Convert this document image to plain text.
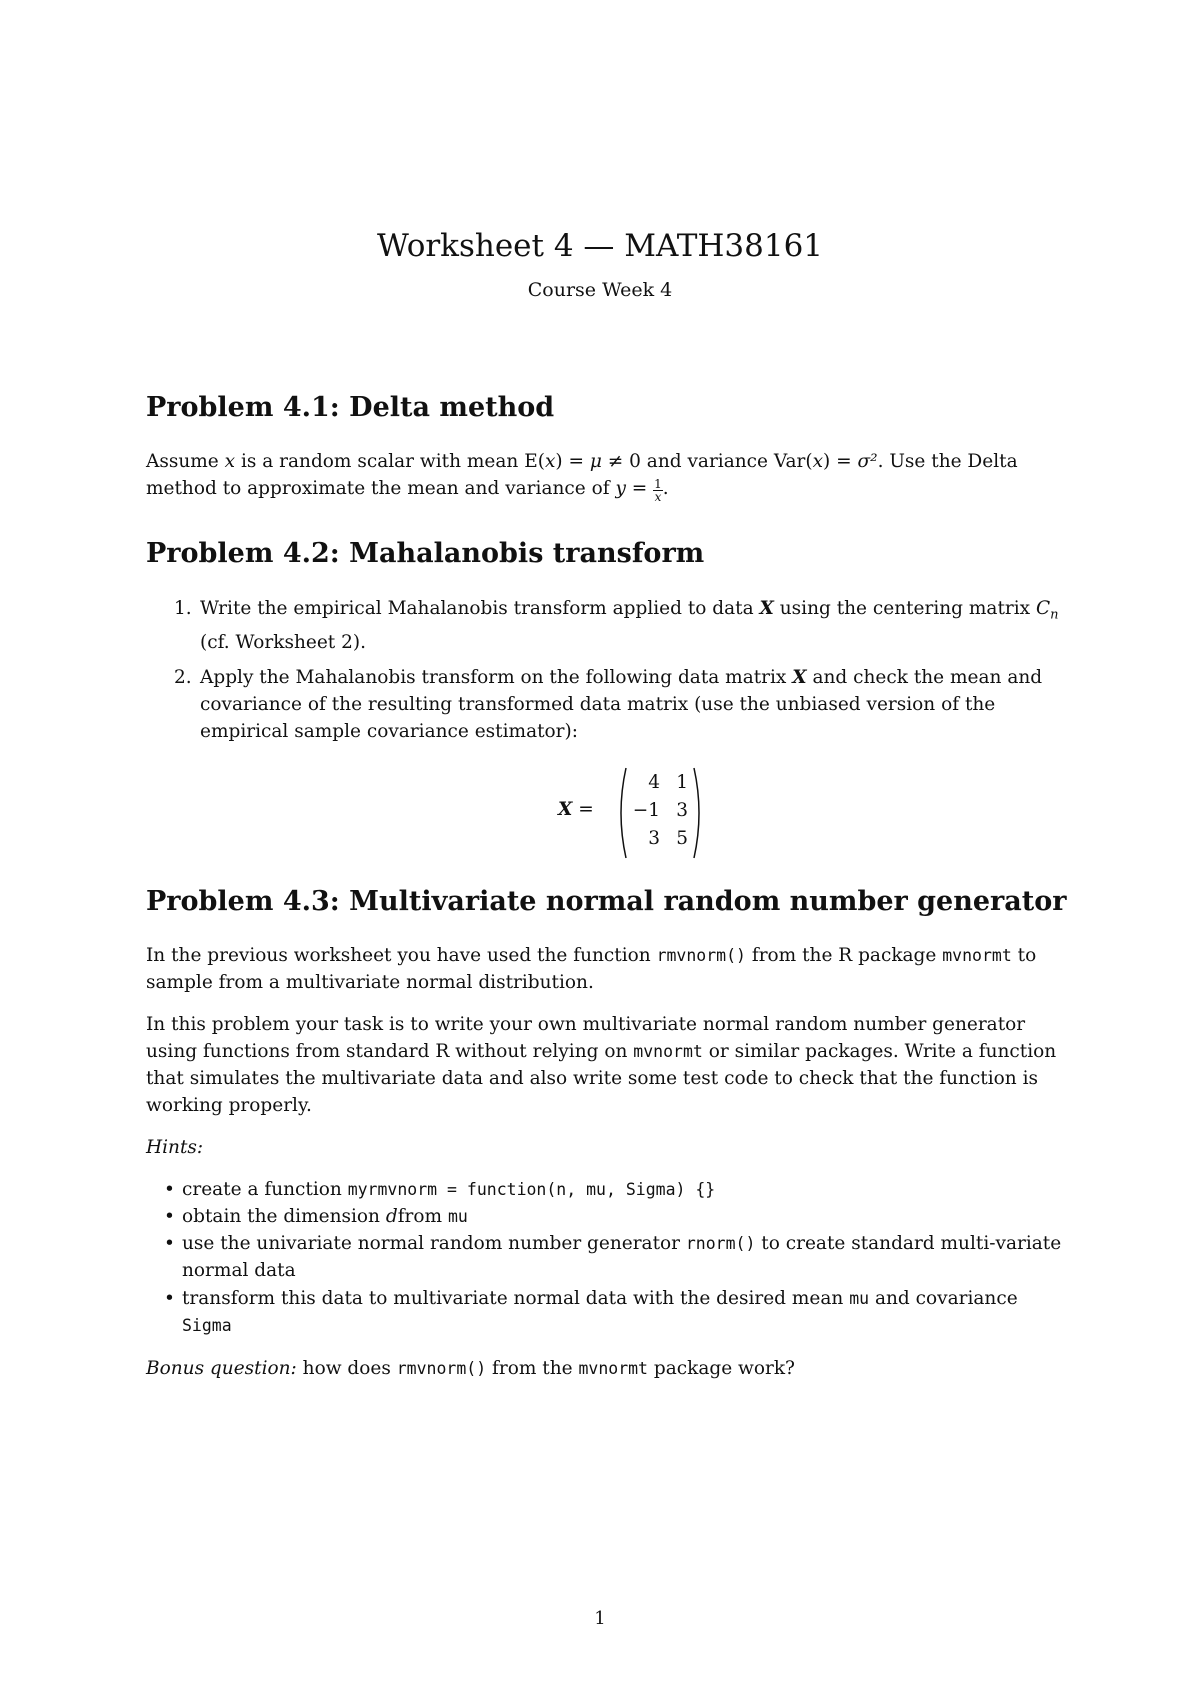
Worksheet 4 — MATH38161
Course Week 4
Problem 4.1: Delta method

Assume x is a random scalar with mean E(x) = μ ≠ 0 and variance Var(x) = σ². Use the Delta method to approximate the mean and variance of $y = \frac{1}{x}$ .

Problem 4.2: Mahalanobis transform
1. Write the empirical Mahalanobis transform applied to data X using the centering matrix $C_n$ (cf. Worksheet 2).
2. Apply the Mahalanobis transform on the following data matrix X and check the mean and covariance of the resulting transformed data matrix (use the unbiased version of the empirical sample covariance estimator):
X =
4 1
−1 3
3 5
Problem 4.3: Multivariate normal random number generator

In the previous worksheet you have used the function rmvnorm() from the R package mvnormt to sample from a multivariate normal distribution.

In this problem your task is to write your own multivariate normal random number generator using functions from standard R without relying on mvnormt or similar packages. Write a function that simulates the multivariate data and also write some test code to check that the function is working properly.

Hints:

• create a function myrmvnorm = function(n, mu, Sigma) {}
• obtain the dimension dfrom mu
• use the univariate normal random number generator rnorm() to create standard multi-variate normal data
• transform this data to multivariate normal data with the desired mean mu and covariance Sigma

Bonus question: how does rmvnorm() from the mvnormt package work?

1
